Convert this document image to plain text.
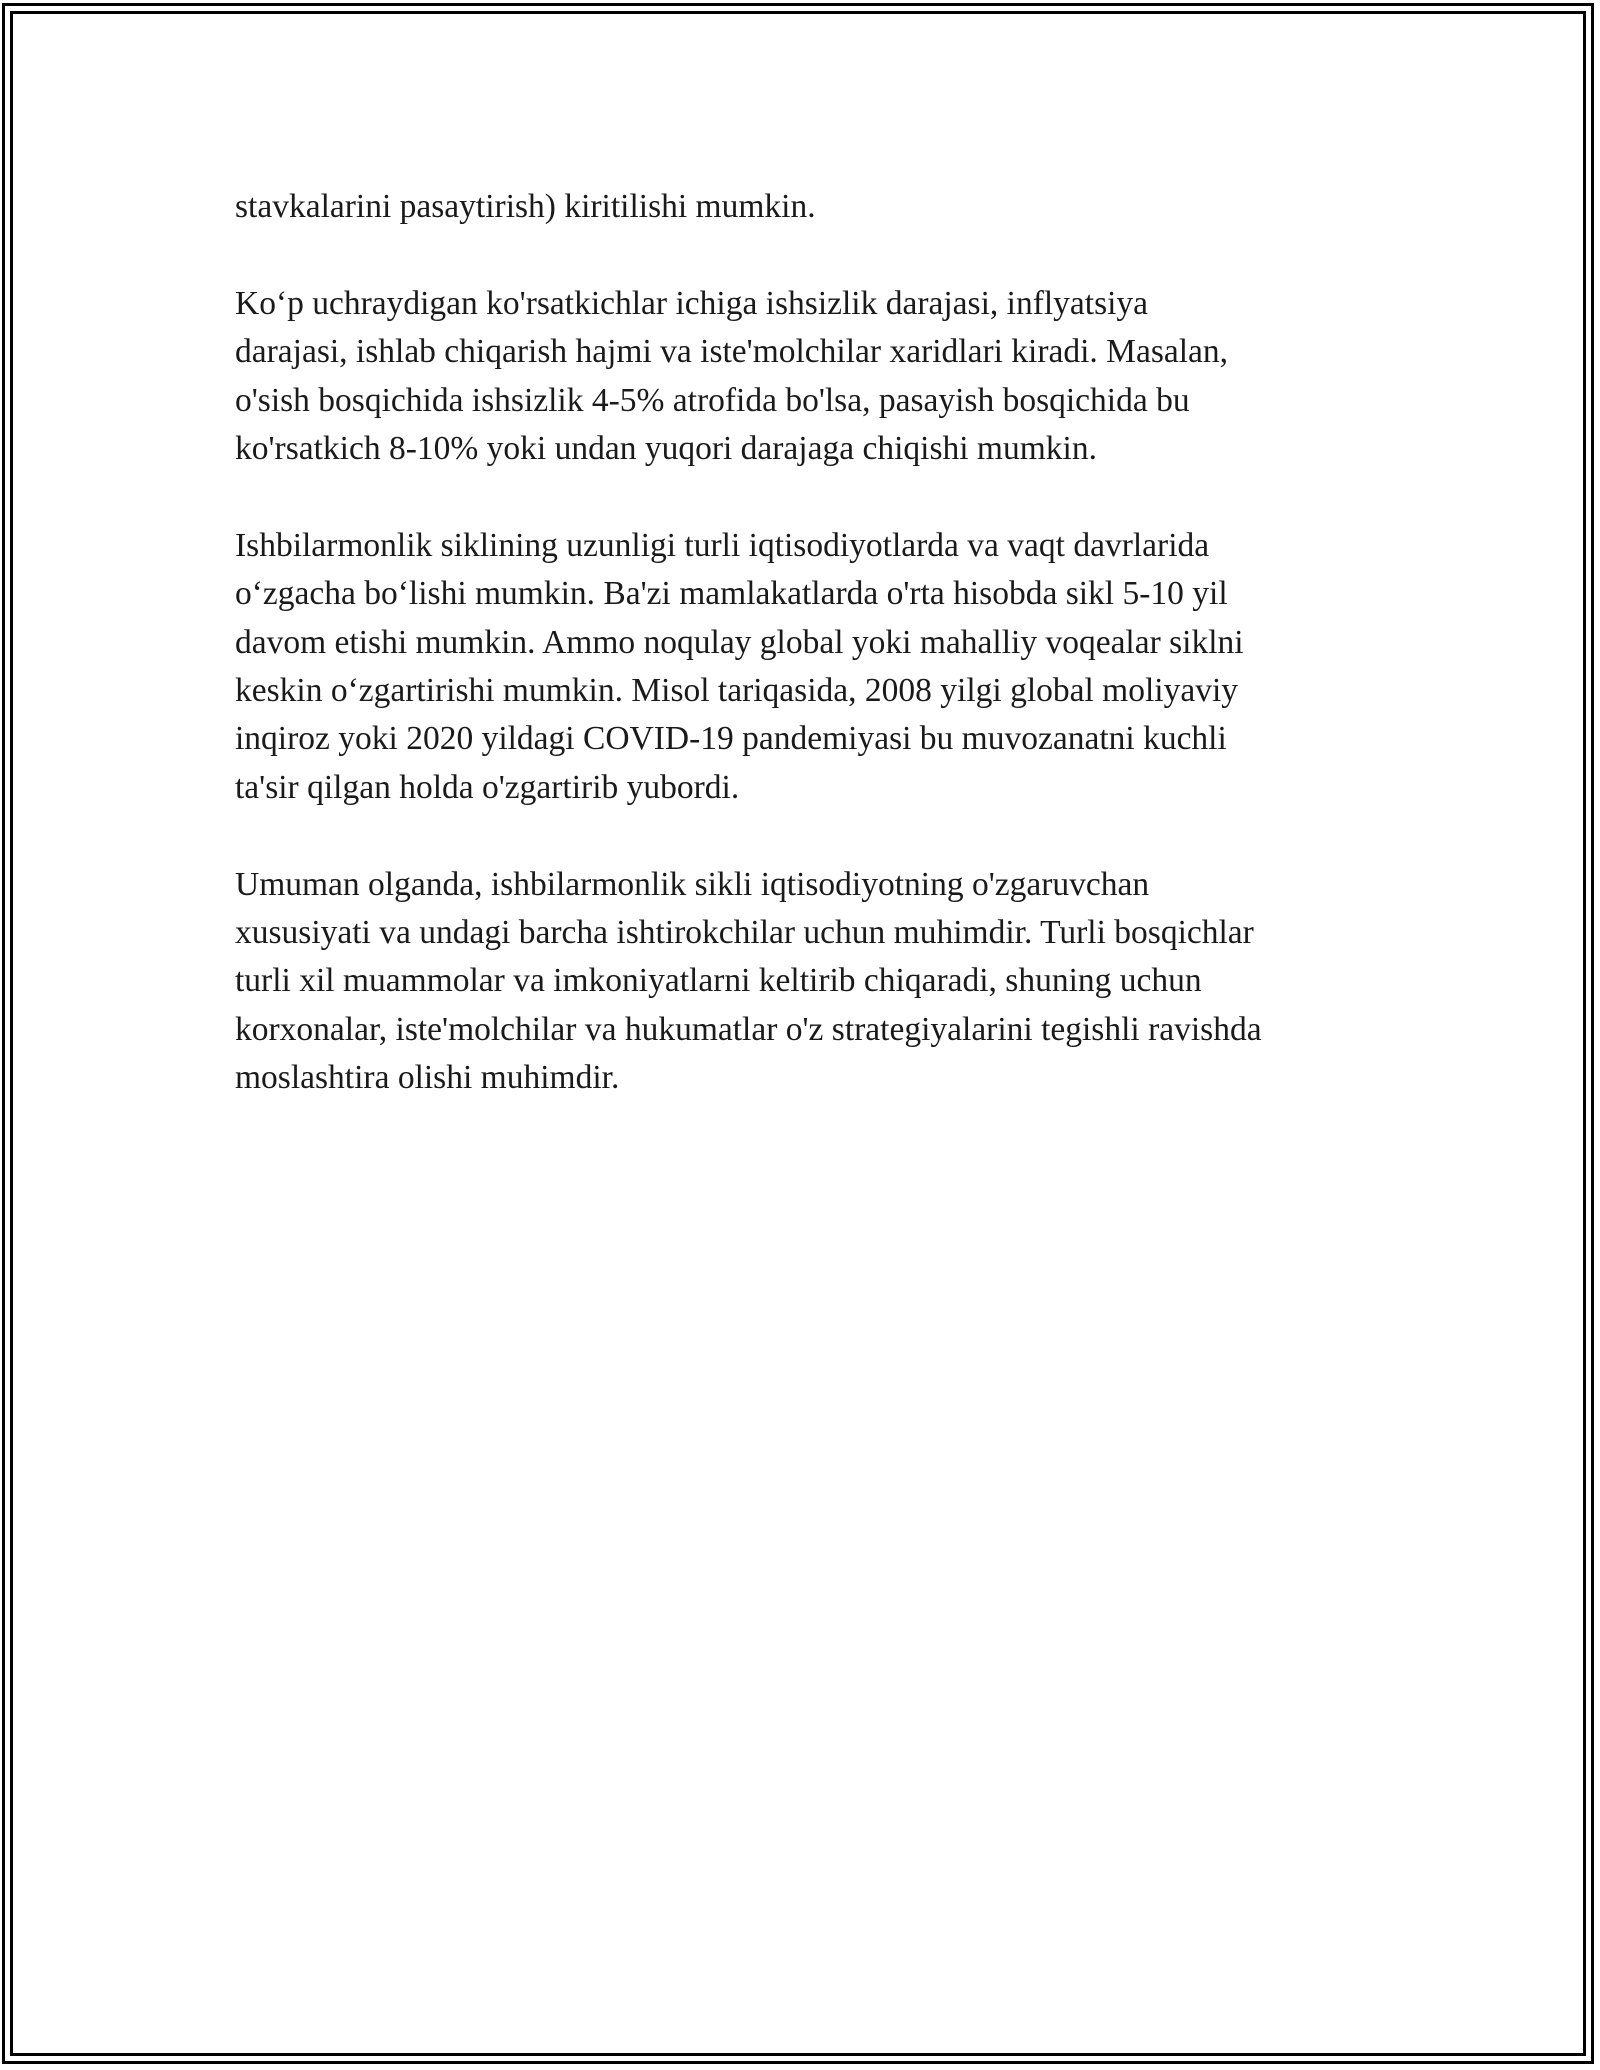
stavkalarini pasaytirish) kiritilishi mumkin.

Ko‘p uchraydigan ko'rsatkichlar ichiga ishsizlik darajasi, inflyatsiya
darajasi, ishlab chiqarish hajmi va iste'molchilar xaridlari kiradi. Masalan,
o'sish bosqichida ishsizlik 4-5% atrofida bo'lsa, pasayish bosqichida bu
ko'rsatkich 8-10% yoki undan yuqori darajaga chiqishi mumkin.

Ishbilarmonlik siklining uzunligi turli iqtisodiyotlarda va vaqt davrlarida
o‘zgacha bo‘lishi mumkin. Ba'zi mamlakatlarda o'rta hisobda sikl 5-10 yil
davom etishi mumkin. Ammo noqulay global yoki mahalliy voqealar siklni
keskin o‘zgartirishi mumkin. Misol tariqasida, 2008 yilgi global moliyaviy
inqiroz yoki 2020 yildagi COVID-19 pandemiyasi bu muvozanatni kuchli
ta'sir qilgan holda o'zgartirib yubordi.

Umuman olganda, ishbilarmonlik sikli iqtisodiyotning o'zgaruvchan
xususiyati va undagi barcha ishtirokchilar uchun muhimdir. Turli bosqichlar
turli xil muammolar va imkoniyatlarni keltirib chiqaradi, shuning uchun
korxonalar, iste'molchilar va hukumatlar o'z strategiyalarini tegishli ravishda
moslashtira olishi muhimdir.
